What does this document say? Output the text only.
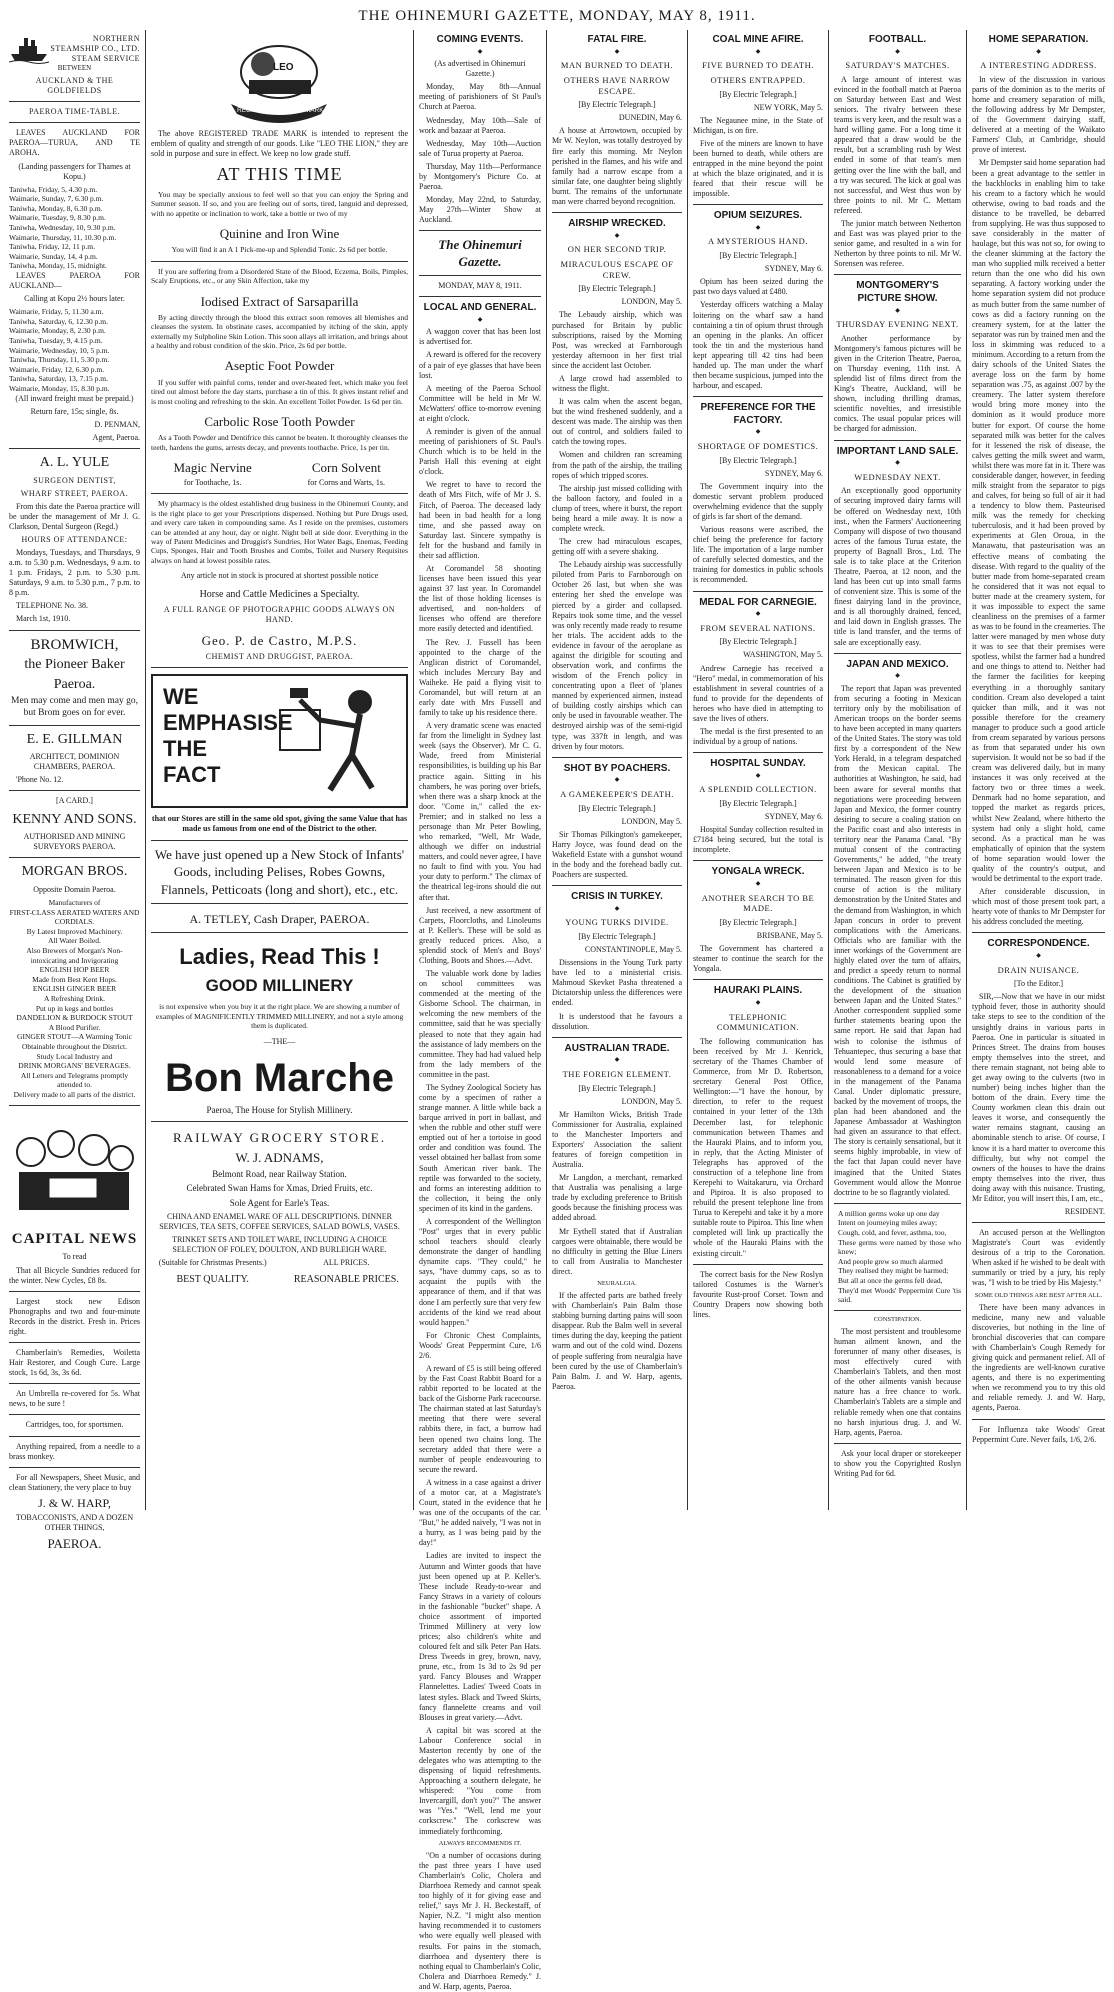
THE OHINEMURI GAZETTE, MONDAY, MAY 8, 1911.
NORTHERN STEAMSHIP CO., LTD.
STEAM SERVICE

BETWEEN

AUCKLAND & THE GOLDFIELDS

PAEROA TIME-TABLE.

LEAVES AUCKLAND FOR PAEROA—TURUA, AND TE AROHA.

(Landing passengers for Thames at Kopu.)

Taniwha, Friday, 5, 4.30 p.m.
Waimarie, Sunday, 7, 6.30 p.m.
Taniwha, Monday, 8, 6.30 p.m.
Waimarie, Tuesday, 9, 8.30 p.m.
Taniwha, Wednesday, 10, 9.30 p.m.
Waimarie, Thursday, 11, 10.30 p.m.
Taniwha, Friday, 12, 11 p.m.
Waimarie, Sunday, 14, 4 p.m.
Taniwha, Monday, 15, midnight.

LEAVES PAEROA FOR AUCKLAND—

Calling at Kopu 2½ hours later.

Waimarie, Friday, 5, 11.30 a.m.
Taniwha, Saturday, 6, 12.30 p.m.
Waimarie, Monday, 8, 2.30 p.m.
Taniwha, Tuesday, 9, 4.15 p.m.
Waimarie, Wednesday, 10, 5 p.m.
Taniwha, Thursday, 11, 5.30 p.m.
Waimarie, Friday, 12, 6.30 p.m.
Taniwha, Saturday, 13, 7.15 p.m.
Waimarie, Monday, 15, 8.30 p.m.

(All inward freight must be prepaid.)

Return fare, 15s; single, 8s.

D. PENMAN,

Agent, Paeroa.

A. L. YULE

SURGEON DENTIST,

WHARF STREET, PAEROA.

From this date the Paeroa practice will be under the management of Mr J. G. Clarkson, Dental Surgeon (Regd.)

HOURS OF ATTENDANCE:

Mondays, Tuesdays, and Thursdays, 9 a.m. to 5.30 p.m. Wednesdays, 9 a.m. to 1 p.m. Fridays, 2 p.m. to 5.30 p.m. Saturdays, 9 a.m. to 5.30 p.m., 7 p.m. to 8 p.m.

TELEPHONE No. 38.

March 1st, 1910.

BROMWICH,
the Pioneer Baker
Paeroa.

Men may come and men may go, but Brom goes on for ever.

E. E. GILLMAN

ARCHITECT, DOMINION CHAMBERS, PAEROA.

'Phone No. 12.

[A CARD.]

KENNY AND SONS.

AUTHORISED AND MINING SURVEYORS PAEROA.

MORGAN BROS.

Opposite Domain Paeroa.

Manufacturers of
FIRST-CLASS AERATED WATERS AND CORDIALS.
By Latest Improved Machinery.
All Water Boiled.
Also Brewers of Morgan's Non-intoxicating and Invigorating
ENGLISH HOP BEER
Made from Best Kent Hops.
ENGLISH GINGER BEER
A Refreshing Drink.
Put up in kegs and bottles
DANDELION & BURDOCK STOUT
A Blood Purifier.
GINGER STOUT—A Warming Tonic
Obtainable throughout the District.
Study Local Industry and
DRINK MORGANS' BEVERAGES.
All Letters and Telegrams promptly attended to.
Delivery made to all parts of the district.
CAPITAL NEWS

To read

That all Bicycle Sundries reduced for the winter. New Cycles, £8 8s.

Largest stock new Edison Phonographs and two and four-minute Records in the district. Fresh in. Prices right.

Chamberlain's Remedies, Woiletta Hair Restorer, and Cough Cure. Large stock, 1s 6d, 3s, 3s 6d.

An Umbrella re-covered for 5s. What news, to be sure !

Cartridges, too, for sportsmen.

Anything repaired, from a needle to a brass monkey.

For all Newspapers, Sheet Music, and clean Stationery, the very place to buy

J. & W. HARP,

TOBACCONISTS, AND A DOZEN OTHER THINGS,

PAEROA.
LEO
REGISTERED TRADE MARK

The above REGISTERED TRADE MARK is intended to represent the emblem of quality and strength of our goods. Like "LEO THE LION," they are sold in purpose and sure in effect. We keep no low grade stuff.

AT THIS TIME

You may be specially anxious to feel well so that you can enjoy the Spring and Summer season. If so, and you are feeling out of sorts, tired, languid and depressed, with no appetite or inclination to work, take a bottle or two of my

Quinine and Iron Wine

You will find it an A 1 Pick-me-up and Splendid Tonic. 2s 6d per bottle.

If you are suffering from a Disordered State of the Blood, Eczema, Boils, Pimples, Scaly Eruptions, etc., or any Skin Affection, take my

Iodised Extract of Sarsaparilla

By acting directly through the blood this extract soon removes all blemishes and cleanses the system. In obstinate cases, accompanied by itching of the skin, apply externally my Sulpholine Skin Lotion. This soon allays all irritation, and brings about a healthy and robust condition of the skin. Price, 2s 6d per bottle.

Aseptic Foot Powder

If you suffer with painful corns, tender and over-heated feet, which make you feel tired out almost before the day starts, purchase a tin of this. It gives instant relief and is most cooling and refreshing to the skin. An excellent Toilet Powder. 1s 6d per tin.

Carbolic Rose Tooth Powder

As a Tooth Powder and Dentifrice this cannot be beaten. It thoroughly cleanses the teeth, hardens the gums, arrests decay, and prevents toothache. Price, 1s per tin.

Magic Nervine
for Toothache, 1s.
Corn Solvent
for Corns and Warts, 1s.

My pharmacy is the oldest established drug business in the Ohinemuri County, and is the right place to get your Prescriptions dispensed. Nothing but Pure Drugs used, and every care taken in compounding same. As I reside on the premises, customers can be attended at any hour, day or night. Night bell at side door. Everything in the way of Patent Medicines and Druggist's Sundries, Hot Water Bags, Enemas, Feeding Cups, Sponges, Hair and Tooth Brushes and Combs, Toilet and Nursery Requisites always on hand at lowest possible rates.

Any article not in stock is procured at shortest possible notice

Horse and Cattle Medicines a Specialty.

A FULL RANGE OF PHOTOGRAPHIC GOODS ALWAYS ON HAND.

Geo. P. de Castro, M.P.S.

CHEMIST AND DRUGGIST, PAEROA.

WE
EMPHASISE
THE
FACT

that our Stores are still in the same old spot, giving the same Value that has made us famous from one end of the District to the other.

We have just opened up a New Stock of Infants' Goods, including Pelises, Robes Gowns, Flannels, Petticoats (long and short), etc., etc.

A. TETLEY, Cash Draper, PAEROA.
Ladies, Read This !
GOOD MILLINERY

is not expensive when you buy it at the right place. We are showing a number of examples of MAGNIFICENTLY TRIMMED MILLINERY, and not a style among them is duplicated.

—THE—

Bon Marche

Paeroa, The House for Stylish Millinery.

RAILWAY GROCERY STORE.
W. J. ADNAMS,

Belmont Road, near Railway Station.

Celebrated Swan Hams for Xmas, Dried Fruits, etc.

Sole Agent for Earle's Teas.

CHINA AND ENAMEL WARE OF ALL DESCRIPTIONS. DINNER SERVICES, TEA SETS, COFFEE SERVICES, SALAD BOWLS, VASES.

TRINKET SETS AND TOILET WARE, INCLUDING A CHOICE SELECTION OF FOLEY, DOULTON, AND BURLEIGH WARE.

(Suitable for Christmas Presents.)	ALL PRICES.
BEST QUALITY.	REASONABLE PRICES.
COMING EVENTS.
◆

(As advertised in Ohinemuri Gazette.)

Monday, May 8th—Annual meeting of parishioners of St Paul's Church at Paeroa.

Wednesday, May 10th—Sale of work and bazaar at Paeroa.

Wednesday, May 10th—Auction sale of Turua property at Paeroa.

Thursday, May 11th—Performance by Montgomery's Picture Co. at Paeroa.

Monday, May 22nd, to Saturday, May 27th—Winter Show at Auckland.

The Ohinemuri Gazette.

MONDAY, MAY 8, 1911.

LOCAL AND GENERAL.
◆

A waggon cover that has been lost is advertised for.

A reward is offered for the recovery of a pair of eye glasses that have been lost.

A meeting of the Paeroa School Committee will be held in Mr W. McWatters' office to-morrow evening at eight o'clock.

A reminder is given of the annual meeting of parishioners of St. Paul's Church which is to be held in the Parish Hall this evening at eight o'clock.

We regret to have to record the death of Mrs Fitch, wife of Mr J. S. Fitch, of Paeroa. The deceased lady had been in bad health for a long time, and she passed away on Saturday last. Sincere sympathy is felt for the husband and family in their sad affliction.

At Coromandel 58 shooting licenses have been issued this year against 37 last year. In Coromandel the list of those holding licenses is advertised, and non-holders of licenses who offend are therefore more easily detected and identified.

The Rev. J. Fussell has been appointed to the charge of the Anglican district of Coromandel, which includes Mercury Bay and Waiheke. He paid a flying visit to Coromandel, but will return at an early date with Mrs Fussell and family to take up his residence there.

A very dramatic scene was enacted far from the limelight in Sydney last week (says the Observer). Mr C. G. Wade, freed from Ministerial responsibilities, is building up his Bar practice again. Sitting in his chambers, he was poring over briefs, when there was a sharp knock at the door. "Come in," called the ex-Premier; and in stalked no less a personage than Mr Peter Bowling, who remarked, "Well, Mr Wade, although we differ on industrial matters, and could never agree, I have no fault to find with you. You had your duty to perform." The climax of the theatrical leg-irons should die out after that.

Just received, a new assortment of Carpets, Floorcloths, and Linoleums at P. Keller's. These will be sold as greatly reduced prices. Also, a splendid stock of Men's and Boys' Clothing, Boots and Shoes.—Advt.

The valuable work done by ladies on school committees was commended at the meeting of the Gisborne School. The chairman, in welcoming the new members of the committee, said that he was specially pleased to note that they again had the assistance of lady members on the committee. They had had valued help from the lady members of the committee in the past.

The Sydney Zoological Society has come by a specimen of rather a strange manner. A little while back a barque arrived in port in ballast, and when the rubble and other stuff were emptied out of her a tortoise in good order and condition was found. The vessel obtained her ballast from some South American river bank. The reptile was forwarded to the society, and forms an interesting addition to the collection, it being the only specimen of its kind in the gardens.

A correspondent of the Wellington "Post" urges that in every public school teachers should clearly demonstrate the danger of handling dynamite caps. "They could," he says, "have dummy caps, so as to acquaint the pupils with the appearance of them, and if that was done I am perfectly sure that very few accidents of the kind we read about would happen."

For Chronic Chest Complaints, Woods' Great Peppermint Cure, 1/6 2/6.

A reward of £5 is still being offered by the Fast Coast Rabbit Board for a rabbit reported to be located at the back of the Gisborne Park racecourse. The chairman stated at last Saturday's meeting that there were several rabbits there, in fact, a burrow had been opened two chains long. The secretary added that there were a number of people endeavouring to secure the reward.

A witness in a case against a driver of a motor car, at a Magistrate's Court, stated in the evidence that he was one of the occupants of the car. "But," he added naively, "I was not in a hurry, as I was being paid by the day!"

Ladies are invited to inspect the Autumn and Winter goods that have just been opened up at P. Keller's. These include Ready-to-wear and Fancy Straws in a variety of colours in the fashionable "bucket" shape. A choice assortment of imported Trimmed Millinery at very low prices; also children's white and coloured felt and silk Peter Pan Hats. Dress Tweeds in grey, brown, navy, prune, etc., from 1s 3d to 2s 9d per yard. Fancy Blouses and Wrapper Flannelettes. Ladies' Tweed Coats in latest styles. Black and Tweed Skirts, fancy flannelette creams and voil Blouses in great variety.—Advt.

A capital bit was scored at the Labour Conference social in Masterton recently by one of the delegates who was attempting to the dispensing of liquid refreshments. Approaching a southern delegate, he whispered: "You come from Invercargill, don't you?" The answer was "Yes." "Well, lend me your corkscrew." The corkscrew was immediately forthcoming.

ALWAYS RECOMMENDS IT.

"On a number of occasions during the past three years I have used Chamberlain's Colic, Cholera and Diarrhoea Remedy and cannot speak too highly of it for giving ease and relief," says Mr J. H. Beckestaff, of Napier, N.Z. "I might also mention having recommended it to customers who were equally well pleased with results. For pains in the stomach, diarrhoea and dysentery there is nothing equal to Chamberlain's Colic, Cholera and Diarrhoea Remedy." J. and W. Harp, agents, Paeroa.

FATAL FIRE.
◆

MAN BURNED TO DEATH.

OTHERS HAVE NARROW ESCAPE.

[By Electric Telegraph.]

DUNEDIN, May 6.

A house at Arrowtown, occupied by Mr W. Neylon, was totally destroyed by fire early this morning. Mr Neylon perished in the flames, and his wife and family had a narrow escape from a similar fate, one daughter being slightly burnt. The remains of the unfortunate man were charred beyond recognition.

AIRSHIP WRECKED.
◆

ON HER SECOND TRIP.

MIRACULOUS ESCAPE OF CREW.

[By Electric Telegraph.]

LONDON, May 5.

The Lebaudy airship, which was purchased for Britain by public subscriptions, raised by the Morning Post, was wrecked at Farnborough yesterday afternoon in her first trial since the accident last October.

A large crowd had assembled to witness the flight.

It was calm when the ascent began, but the wind freshened suddenly, and a descent was made. The airship was then out of control, and soldiers failed to catch the towing ropes.

Women and children ran screaming from the path of the airship, the trailing ropes of which tripped scores.

The airship just missed colliding with the balloon factory, and fouled in a clump of trees, where it burst, the report being heard a mile away. It is now a complete wreck.

The crew had miraculous escapes, getting off with a severe shaking.

The Lebaudy airship was successfully piloted from Paris to Farnborough on October 26 last, but when she was entering her shed the envelope was pierced by a girder and collapsed. Repairs took some time, and the vessel was only recently made ready to resume her trials. The accident adds to the evidence in favour of the aeroplane as against the dirigible for scouting and observation work, and confirms the wisdom of the French policy in concentrating upon a fleet of 'planes manned by experienced airmen, instead of building costly airships which can only be used in favourable weather. The destroyed airship was of the semi-rigid type, was 337ft in length, and was driven by four motors.

SHOT BY POACHERS.
◆

A GAMEKEEPER'S DEATH.

[By Electric Telegraph.]

LONDON, May 5.

Sir Thomas Pilkington's gamekeeper, Harry Joyce, was found dead on the Wakefield Estate with a gunshot wound in the body and the forehead badly cut. Poachers are suspected.

CRISIS IN TURKEY.
◆

YOUNG TURKS DIVIDE.

[By Electric Telegraph.]

CONSTANTINOPLE, May 5.

Dissensions in the Young Turk party have led to a ministerial crisis. Mahmoud Skevket Pasha threatened a Dictatorship unless the differences were ended.

It is understood that he favours a dissolution.

AUSTRALIAN TRADE.
◆

THE FOREIGN ELEMENT.

[By Electric Telegraph.]

LONDON, May 5.

Mr Hamilton Wicks, British Trade Commissioner for Australia, explained to the Manchester Importers and Exporters' Association the salient features of foreign competition in Australia.

Mr Langdon, a merchant, remarked that Australia was penalising a large trade by excluding preference to British goods because the finishing process was added abroad.

Mr Eythell stated that if Australian cargoes were obtainable, there would be no difficulty in getting the Blue Liners to call from Australia to Manchester direct.

NEURALGIA.

If the affected parts are bathed freely with Chamberlain's Pain Balm those stabbing burning darting pains will soon disappear. Rub the Balm well in several times during the day, keeping the patient warm and out of the cold wind. Dozens of people suffering from neuralgia have been cured by the use of Chamberlain's Pain Balm. J. and W. Harp, agents, Paeroa.

COAL MINE AFIRE.
◆

FIVE BURNED TO DEATH.

OTHERS ENTRAPPED.

[By Electric Telegraph.]

NEW YORK, May 5.

The Negaunee mine, in the State of Michigan, is on fire.

Five of the miners are known to have been burned to death, while others are entrapped in the mine beyond the point at which the blaze originated, and it is feared that their rescue will be impossible.

OPIUM SEIZURES.
◆

A MYSTERIOUS HAND.

[By Electric Telegraph.]

SYDNEY, May 6.

Opium has been seized during the past two days valued at £480.

Yesterday officers watching a Malay loitering on the wharf saw a hand containing a tin of opium thrust through an opening in the planks. An officer took the tin and the mysterious hand kept appearing till 42 tins had been handed up. The man under the wharf then became suspicious, jumped into the harbour, and escaped.

PREFERENCE FOR THE FACTORY.
◆

SHORTAGE OF DOMESTICS.

[By Electric Telegraph.]

SYDNEY, May 6.

The Government inquiry into the domestic servant problem produced overwhelming evidence that the supply of girls is far short of the demand.

Various reasons were ascribed, the chief being the preference for factory life. The importation of a large number of carefully selected domestics, and the training for domestics in public schools is recommended.

MEDAL FOR CARNEGIE.
◆

FROM SEVERAL NATIONS.

[By Electric Telegraph.]

WASHINGTON, May 5.

Andrew Carnegie has received a "Hero" medal, in commemoration of his establishment in several countries of a fund to provide for the dependents of heroes who have died in attempting to save the lives of others.

The medal is the first presented to an individual by a group of nations.

HOSPITAL SUNDAY.
◆

A SPLENDID COLLECTION.

[By Electric Telegraph.]

SYDNEY, May 6.

Hospital Sunday collection resulted in £7184 being secured, but the total is incomplete.

YONGALA WRECK.
◆

ANOTHER SEARCH TO BE MADE.

[By Electric Telegraph.]

BRISBANE, May 5.

The Government has chartered a steamer to continue the search for the Yongala.

HAURAKI PLAINS.
◆

TELEPHONIC COMMUNICATION.

The following communication has been received by Mr J. Kenrick, secretary of the Thames Chamber of Commerce, from Mr D. Robertson, secretary General Post Office, Wellington:—"I have the honour, by direction, to refer to the request contained in your letter of the 13th December last, for telephonic communication between Thames and the Hauraki Plains, and to inform you, in reply, that the Acting Minister of Telegraphs has approved of the construction of a telephone line from Kerepehi to Waitakaruru, via Orchard and Pipiroa. It is also proposed to rebuild the present telephone line from Turua to Kerepehi and take it by a more suitable route to Pipiroa. This line when completed will link up practically the whole of the Hauraki Plains with the existing circuit."

The correct basis for the New Roslyn tailored Costumes is the Warner's favourite Rust-proof Corset. Town and Country Drapers now showing both lines.

FOOTBALL.
◆

SATURDAY'S MATCHES.

A large amount of interest was evinced in the football match at Paeroa on Saturday between East and West seniors. The rivalry between these teams is very keen, and the result was a hard willing game. For a long time it appeared that a draw would be the result, but a scrambling rush by West ended in some of that team's men getting over the line with the ball, and a try was secured. The kick at goal was not successful, and West thus won by three points to nil. Mr C. Mettam refereed.

The junior match between Netherton and East was was played prior to the senior game, and resulted in a win for Netherton by three points to nil. Mr W. Sorensen was referee.

MONTGOMERY'S PICTURE SHOW.
◆

THURSDAY EVENING NEXT.

Another performance by Montgomery's famous pictures will be given in the Criterion Theatre, Paeroa, on Thursday evening, 11th inst. A splendid list of films direct from the King's Theatre, Auckland, will be shown, including thrilling dramas, scientific novelties, and irresistible comics. The usual popular prices will be charged for admission.

IMPORTANT LAND SALE.
◆

WEDNESDAY NEXT.

An exceptionally good opportunity of securing improved dairy farms will be offered on Wednesday next, 10th inst., when the Farmers' Auctioneering Company will dispose of two thousand acres of the famous Turua estate, the property of Bagnall Bros., Ltd. The sale is to take place at the Criterion Theatre, Paeroa, at 12 noon, and the land has been cut up into small farms of convenient size. This is some of the finest dairying land in the province, and is all thoroughly drained, fenced, and laid down in English grasses. The title is land transfer, and the terms of sale are exceptionally easy.

JAPAN AND MEXICO.
◆

The report that Japan was prevented from securing a footing in Mexican territory only by the mobilisation of American troops on the border seems to have been accepted in many quarters of the United States. The story was told first by a correspondent of the New York Herald, in a telegram despatched from the Mexican capital. The authorities at Washington, he said, had been aware for several months that negotiations were proceeding between Japan and Mexico, the former country desiring to secure a coaling station on the Pacific coast and also interests in territory near the Panama Canal. "By mutual consent of the contracting Governments," he added, "the treaty between Japan and Mexico is to be terminated. The reason given for this course of action is the military demonstration by the United States and the demand from Washington, in which Japan concurs in order to prevent complications with the Americans. Officials who are familiar with the inner workings of the Government are highly elated over the turn of affairs, and predict a speedy return to normal conditions. The Cabinet is gratified by the development of the situation between Japan and the United States." Another correspondent supplied some further statements bearing upon the same report. He said that Japan had wish to colonise the isthmus of Tehuantepec, thus securing a base that would lend some measure of reasonableness to a demand for a voice in the management of the Panama Canal. Under diplomatic pressure, backed by the movement of troops, the plan had been abandoned and the Japanese Ambassador at Washington had given an assurance to that effect. The story is certainly sensational, but it seems highly improbable, in view of the fact that Japan could never have imagined that the United States Government would allow the Monroe doctrine to be so flagrantly violated.

A million germs woke up one day
Intent on journeying miles away;
Cough, cold, and fever, asthma, too,
These germs were named by those who knew;
And people grew so much alarmed
They realised they might be harmed;
But all at once the germs fell dead,
They'd met Woods' Peppermint Cure 'tis said.

CONSTIPATION.

The most persistent and troublesome human ailment known, and the forerunner of many other diseases, is most effectively cured with Chamberlain's Tablets, and then most of the other ailments vanish because nature has a free chance to work. Chamberlain's Tablets are a simple and reliable remedy when one that contains no harsh injurious drug. J. and W. Harp, agents, Paeroa.

Ask your local draper or storekeeper to show you the Copyrighted Roslyn Writing Pad for 6d.

HOME SEPARATION.
◆

A INTERESTING ADDRESS.

In view of the discussion in various parts of the dominion as to the merits of home and creamery separation of milk, the following address by Mr Dempster, of the Government dairying staff, delivered at a meeting of the Waikato Farmers' Club, at Cambridge, should prove of interest.

Mr Dempster said home separation had been a great advantage to the settler in the backblocks in enabling him to take his cream to a factory which he would otherwise, owing to bad roads and the distance to be travelled, be debarred from supplying. He was thus supposed to save considerably in the matter of haulage, but this was not so, for owing to the cleaner skimming at the factory the man who supplied milk received a better return than the one who did his own separating. A factory working under the home separation system did not produce as much butter from the same number of cows as did a factory running on the creamery system, for at the latter the separator was run by trained men and the loss in skimming was reduced to a minimum. According to a return from the dairy schools of the United States the average loss on the farm by home separation was .75, as against .007 by the creamery. The latter system therefore would bring more money into the dominion as it would produce more butter for export. Of course the home separated milk was better for the calves for it lessened the risk of disease, the calves getting the milk sweet and warm, whilst there was more fat in it. There was considerable danger, however, in feeding milk straight from the separator to pigs and calves, for being so full of air it had a tendency to blow them. Pasteurised milk was the remedy for checking tuberculosis, and it had been proved by experiments at Glen Oroua, in the Manawatu, that pasteurisation was an effective means of combating the disease. With regard to the quality of the butter made from home-separated cream he considered that it was not equal to butter made at the creamery system, for it was impossible to expect the same cleanliness on the premises of a farmer as was to be found in the creameries. The latter were managed by men whose duty it was to see that their premises were spotless, whilst the farmer had a hundred and one things to attend to. Neither had the farmer the facilities for keeping everything in a thoroughly sanitary condition. Cream also developed a taint quicker than milk, and it was not possible therefore for the creamery manager to produce such a good article from cream separated by various persons as from that separated under his own supervision. It would not be so bad if the cream was delivered daily, but in many instances it was only received at the factory two or three times a week. Denmark had no home separation, and topped the market as regards prices, whilst New Zealand, where hitherto the system had only a slight hold, came second. As a practical man he was emphatically of opinion that the system of home separation would lower the quality of the country's output, and would be detrimental to the export trade.

After considerable discussion, in which most of those present took part, a hearty vote of thanks to Mr Dempster for his address concluded the meeting.

CORRESPONDENCE.
◆

DRAIN NUISANCE.

[To the Editor.]

SIR,—Now that we have in our midst typhoid fever, those in authority should take steps to see to the condition of the unsightly drains in various parts in Paeroa. One in particular is situated in Princes Street. The drains from houses empty themselves into the street, and there remain stagnant, not being able to get away owing to the culverts (two in number) being inches higher than the bottom of the drain. Every time the County workmen clean this drain out leaves it worse, and consequently the water remains stagnant, causing an abominable stench to arise. Of course, I know it is a hard matter to overcome this difficulty, but why not compel the owners of the houses to have the drains empty themselves into the river, thus doing away with this nuisance. Trusting, Mr Editor, you will insert this, I am, etc.,

RESIDENT.

An accused person at the Wellington Magistrate's Court was evidently desirous of a trip to the Coronation. When asked if he wished to be dealt with summarily or tried by a jury, his reply was, "I wish to be tried by His Majesty."

SOME OLD THINGS ARE BEST AFTER ALL.

There have been many advances in medicine, many new and valuable discoveries, but nothing in the line of bronchial discoveries that can compare with Chamberlain's Cough Remedy for giving quick and permanent relief. All of the ingredients are well-known curative agents, and there is no experimenting when we recommend you to try this old and reliable remedy. J. and W. Harp, agents, Paeroa.

For Influenza take Woods' Great Peppermint Cure. Never fails, 1/6, 2/6.
